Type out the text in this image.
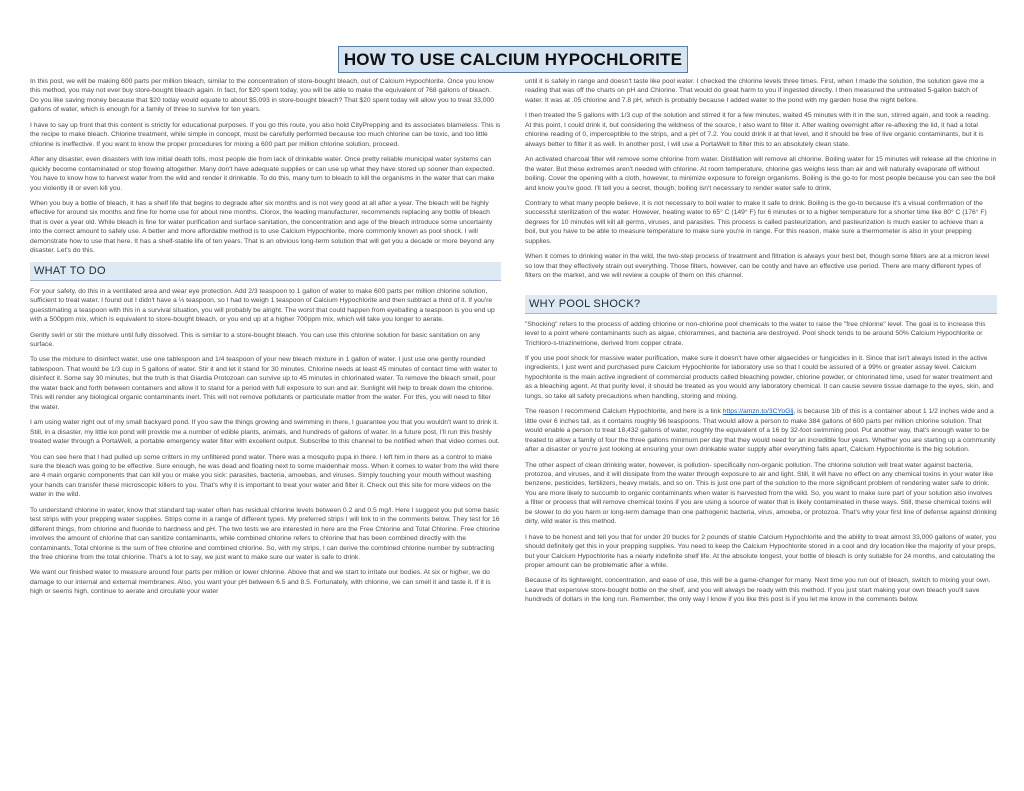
HOW TO USE CALCIUM HYPOCHLORITE

In this post, we will be making 600 parts per million bleach, similar to the concentration of store-bought bleach, out of Calcium Hypochlorite. Once you know this method, you may not ever buy store-bought bleach again. In fact, for $20 spent today, you will be able to make the equivalent of 768 gallons of bleach. Do you like saving money because that $20 today would equate to about $5,093 in store-bought bleach? That $20 spent today will allow you to treat 33,000 gallons of water, which is enough for a family of three to survive for ten years.

I have to say up front that this content is strictly for educational purposes. If you go this route, you also hold CityPrepping and its associates blameless. This is the recipe to make bleach. Chlorine treatment, while simple in concept, must be carefully performed because too much chlorine can be toxic, and too little chlorine is ineffective. If you want to know the proper procedures for mixing a 600 part per million chlorine solution, proceed.

After any disaster, even disasters with low initial death tolls, most people die from lack of drinkable water. Once pretty reliable municipal water systems can quickly become contaminated or stop flowing altogether. Many don't have adequate supplies or can use up what they have stored up sooner than expected. You have to know how to harvest water from the wild and render it drinkable. To do this, many turn to bleach to kill the organisms in the water that can make you violently ill or even kill you.

When you buy a bottle of bleach, it has a shelf life that begins to degrade after six months and is not very good at all after a year. The bleach will be highly effective for around six months and fine for home use for about nine months. Clorox, the leading manufacturer, recommends replacing any bottle of bleach that is over a year old. While bleach is fine for water purification and surface sanitation, the concentration and age of the bleach introduce some uncertainty into the correct amount to safely use. A better and more affordable method is to use Calcium Hypochlorite, more commonly known as pool shock. I will demonstrate how to use that here. It has a shelf-stable life of ten years. That is an obvious long-term solution that will get you a decade or more beyond any disaster. Let's do this.

WHAT TO DO

For your safety, do this in a ventilated area and wear eye protection. Add 2/3 teaspoon to 1 gallon of water to make 600 parts per million chlorine solution, sufficient to treat water. I found out I didn't have a ⅓ teaspoon, so I had to weigh 1 teaspoon of Calcium Hypochlorite and then subtract a third of it. If you're guesstimating a teaspoon with this in a survival situation, you will probably be alright. The worst that could happen from eyeballing a teaspoon is you end up with a 500ppm mix, which is equivalent to store-bought bleach, or you end up at a higher 700ppm mix, which will take you longer to aerate.

Gently swirl or stir the mixture until fully dissolved. This is similar to a store-bought bleach. You can use this chlorine solution for basic sanitation on any surface.

To use the mixture to disinfect water, use one tablespoon and 1/4 teaspoon of your new bleach mixture in 1 gallon of water. I just use one gently rounded tablespoon. That would be 1/3 cup in 5 gallons of water. Stir it and let it stand for 30 minutes. Chlorine needs at least 45 minutes of contact time with water to disinfect it. Some say 30 minutes, but the truth is that Giardia Protozoan can survive up to 45 minutes in chlorinated water. To remove the bleach smell, pour the water back and forth between containers and allow it to stand for a period with full exposure to sun and air. Sunlight will help to break down the chlorine. This will render any biological organic contaminants inert. This will not remove pollutants or particulate matter from the water. For this, you will need to filter the water.

I am using water right out of my small backyard pond. If you saw the things growing and swimming in there, I guarantee you that you wouldn't want to drink it. Still, in a disaster, my little koi pond will provide me a number of edible plants, animals, and hundreds of gallons of water. In a future post, I'll run this freshly treated water through a PortaWell, a portable emergency water filter with excellent output. Subscribe to this channel to be notified when that video comes out.

You can see here that I had pulled up some critters in my unfiltered pond water. There was a mosquito pupa in there. I left him in there as a control to make sure the bleach was going to be effective. Sure enough, he was dead and floating next to some maidenhair moss. When it comes to water from the wild there are 4 main organic components that can kill you or make you sick: parasites, bacteria, amoebas, and viruses. Simply touching your mouth without washing your hands can transfer these microscopic killers to you. That's why it is important to treat your water and filter it. Check out this site for more videos on the water in the wild.

To understand chlorine in water, know that standard tap water often has residual chlorine levels between 0.2 and 0.5 mg/l. Here I suggest you put some basic test strips with your prepping water supplies. Strips come in a range of different types. My preferred strips I will link to in the comments below. They test for 16 different things, from chlorine and fluoride to hardness and pH. The two tests we are interested in here are the Free Chlorine and Total Chlorine. Free chlorine involves the amount of chlorine that can sanitize contaminants, while combined chlorine refers to chlorine that has been combined directly with the contaminants. Total chlorine is the sum of free chlorine and combined chlorine. So, with my strips, I can derive the combined chlorine number by subtracting the free chlorine from the total chlorine. That's a lot to say, we just want to make sure our water is safe to drink.

We want our finished water to measure around four parts per million or lower chlorine. Above that and we start to irritate our bodies. At six or higher, we do damage to our internal and external membranes. Also, you want your pH between 6.5 and 8.5. Fortunately, with chlorine, we can smell it and taste it. If it is high or seems high, continue to aerate and circulate your water

until it is safely in range and doesn't taste like pool water. I checked the chlorine levels three times. First, when I made the solution, the solution gave me a reading that was off the charts on pH and Chlorine. That would do great harm to you if ingested directly. I then measured the untreated 5-gallon batch of water. It was at .05 chlorine and 7.8 pH, which is probably because I added water to the pond with my garden hose the night before.

I then treated the 5 gallons with 1/3 cup of the solution and stirred it for a few minutes, waited 45 minutes with it in the sun, stirred again, and took a reading. At this point, I could drink it, but considering the wildness of the source, I also want to filter it. After waiting overnight after re-aflexing the lid, it had a total chlorine reading of 0, imperceptible to the strips, and a pH of 7.2. You could drink it at that level, and it should be free of live organic contaminants, but it is always better to filter it as well. In another post, I will use a PortaWell to filter this to an absolutely clean state.

An activated charcoal filter will remove some chlorine from water. Distillation will remove all chlorine. Boiling water for 15 minutes will release all the chlorine in the water. But these extremes aren't needed with chlorine. At room temperature, chlorine gas weighs less than air and will naturally evaporate off without boiling. Cover the opening with a cloth, however, to minimize exposure to foreign organisms. Boiling is the go-to for most people because you can see the boil and know you're good. I'll tell you a secret, though; boiling isn't necessary to render water safe to drink.

Contrary to what many people believe, it is not necessary to boil water to make it safe to drink. Boiling is the go-to because it's a visual confirmation of the successful sterilization of the water. However, heating water to 65° C (149° F) for 6 minutes or to a higher temperature for a shorter time like 80° C (176° F) degrees for 10 minutes will kill all germs, viruses, and parasites. This process is called pasteurization, and pasteurization is much easier to achieve than a boil, but you have to be able to measure temperature to make sure you're in range. For this reason, make sure a thermometer is also in your prepping supplies.

When it comes to drinking water in the wild, the two-step process of treatment and filtration is always your best bet, though some filters are at a micron level so low that they effectively strain out everything. Those filters, however, can be costly and have an effective use period. There are many different types of filters on the market, and we will review a couple of them on this channel.

WHY POOL SHOCK?

"Shocking" refers to the process of adding chlorine or non-chlorine pool chemicals to the water to raise the "free chlorine" level. The goal is to increase this level to a point where contaminants such as algae, chloramines, and bacteria are destroyed. Pool shock tends to be around 50% Calcium Hypochlorite or Trichloro-s-triazinetrione, derived from copper citrate.

If you use pool shock for massive water purification, make sure it doesn't have other algaecides or fungicides in it. Since that isn't always listed in the active ingredients, I just went and purchased pure Calcium Hypochlorite for laboratory use so that I could be assured of a 99% or greater assay level. Calcium hypochlorite is the main active ingredient of commercial products called bleaching powder, chlorine powder, or chlorinated lime, used for water treatment and as a bleaching agent. At that purity level, it should be treated as you would any laboratory chemical. It can cause severe tissue damage to the eyes, skin, and lungs, so take all safety precautions when handling, storing and mixing.

The reason I recommend Calcium Hypochlorite, and here is a link https://amzn.to/3CYoGlj, is because 1lb of this is a container about 1 1/2 inches wide and a little over 6 inches tall. as it contains roughly 96 teaspoons. That would allow a person to make 384 gallons of 600 parts per million chlorine solution. That would enable a person to treat 18,432 gallons of water, roughly the equivalent of a 16 by 32-foot swimming pool. Put another way, that's enough water to be treated to allow a family of four the three gallons minimum per day that they would need for an incredible four years. Whether you are starting up a community after a disaster or you're just looking at ensuring your own drinkable water supply after everything falls apart, Calcium Hypochlorite is the big solution.

The other aspect of clean drinking water, however, is pollution- specifically non-organic pollution. The chlorine solution will treat water against bacteria, protozoa, and viruses, and it will dissipate from the water through exposure to air and light. Still, it will have no effect on any chemical toxins in your water like benzene, pesticides, fertilizers, heavy metals, and so on. This is just one part of the solution to the more significant problem of rendering water safe to drink. You are more likely to succumb to organic contaminants when water is harvested from the wild. So, you want to make sure part of your solution also involves a filter or process that will remove chemical toxins if you are using a source of water that is likely contaminated in these ways. Still, these chemical toxins will be slower to do you harm or long-term damage than one pathogenic bacteria, virus, amoeba, or protozoa. That's why your first line of defense against drinking dirty, wild water is this method.

I have to be honest and tell you that for under 20 bucks for 2 pounds of stable Calcium Hypochlorite and the ability to treat almost 33,000 gallons of water, you should definitely get this in your prepping supplies. You need to keep the Calcium Hypochlorite stored in a cool and dry location like the majority of your preps, but your Calcium Hypochlorite has a nearly indefinite shelf life. At the absolute longest, your bottle of bleach is only suitable for 24 months, and calculating the proper amount can be problematic after a while.

Because of its lightweight, concentration, and ease of use, this will be a game-changer for many. Next time you run out of bleach, switch to mixing your own. Leave that expensive store-bought bottle on the shelf, and you will always be ready with this method. If you just start making your own bleach you'll save hundreds of dollars in the long run. Remember, the only way I know if you like this post is if you let me know in the comments below.
